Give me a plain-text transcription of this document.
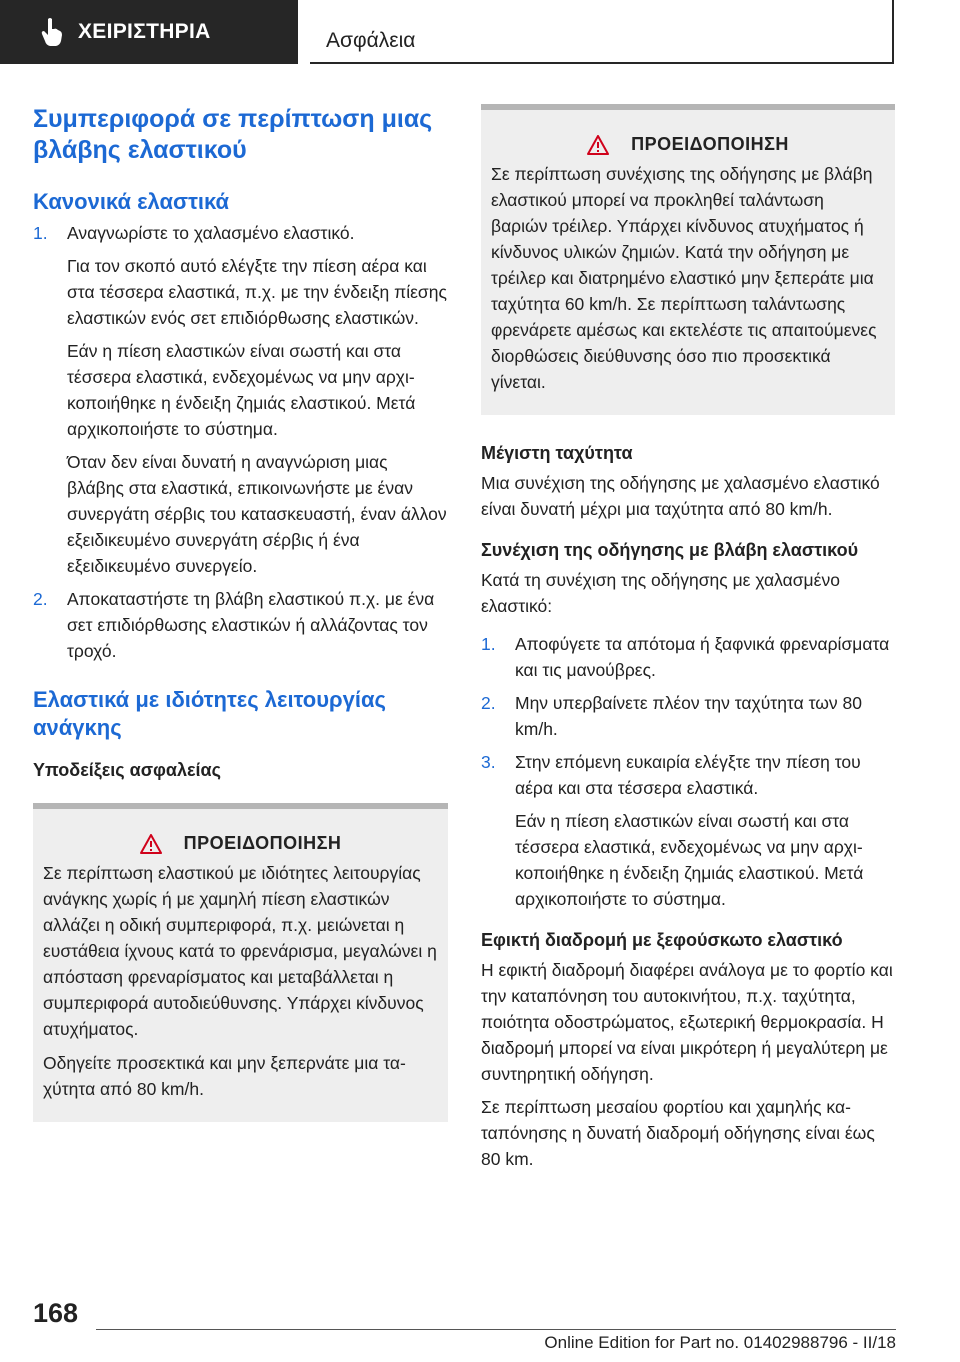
ΧΕΙΡΙΣΤΗΡΙΑ	Ασφάλεια
Συμπεριφορά σε περίπτωση μιας βλάβης ελαστικού
Κανονικά ελαστικά
1. Αναγνωρίστε το χαλασμένο ελαστικό.

Για τον σκοπό αυτό ελέγξτε την πίεση αέρα και στα τέσσερα ελαστικά, π.χ. με την ένδειξη πίεσης ελαστικών ενός σετ επιδιόρθωσης ελαστικών.

Εάν η πίεση ελαστικών είναι σωστή και στα τέσσερα ελαστικά, ενδεχομένως να μην αρχικοποιήθηκε η ένδειξη ζημιάς ελαστικού. Μετά αρχικοποιήστε το σύστημα.

Όταν δεν είναι δυνατή η αναγνώριση μιας βλάβης στα ελαστικά, επικοινωνήστε με έναν συνεργάτη σέρβις του κατασκευαστή, έναν άλλον εξειδικευμένο συνεργάτη σέρβις ή ένα εξειδικευμένο συνεργείο.

2. Αποκαταστήστε τη βλάβη ελαστικού π.χ. με ένα σετ επιδιόρθωσης ελαστικών ή αλλάζοντας τον τροχό.

Ελαστικά με ιδιότητες λειτουργίας ανάγκης
Υποδείξεις ασφαλείας
ΠΡΟΕΙΔΟΠΟΙΗΣΗ

Σε περίπτωση ελαστικού με ιδιότητες λειτουργίας ανάγκης χωρίς ή με χαμηλή πίεση ελαστικών αλλάζει η οδική συμπεριφορά, π.χ. μειώνεται η ευστάθεια ίχνους κατά το φρενάρισμα, μεγαλώνει η απόσταση φρεναρίσματος και μεταβάλλεται η συμπεριφορά αυτοδιεύθυνσης. Υπάρχει κίνδυνος ατυχήματος.

Οδηγείτε προσεκτικά και μην ξεπερνάτε μια ταχύτητα από 80 km/h.

ΠΡΟΕΙΔΟΠΟΙΗΣΗ

Σε περίπτωση συνέχισης της οδήγησης με βλάβη ελαστικού μπορεί να προκληθεί ταλάντωση βαριών τρέιλερ. Υπάρχει κίνδυνος ατυχήματος ή κίνδυνος υλικών ζημιών. Κατά την οδήγηση με τρέιλερ και διατρημένο ελαστικό μην ξεπεράτε μια ταχύτητα 60 km/h. Σε περίπτωση ταλάντωσης φρενάρετε αμέσως και εκτελέστε τις απαιτούμενες διορθώσεις διεύθυνσης όσο πιο προσεκτικά γίνεται.

Μέγιστη ταχύτητα

Μια συνέχιση της οδήγησης με χαλασμένο ελαστικό είναι δυνατή μέχρι μια ταχύτητα από 80 km/h.

Συνέχιση της οδήγησης με βλάβη ελαστικού

Κατά τη συνέχιση της οδήγησης με χαλασμένο ελαστικό:

1. Αποφύγετε τα απότομα ή ξαφνικά φρεναρίσματα και τις μανούβρες.

2. Μην υπερβαίνετε πλέον την ταχύτητα των 80 km/h.

3. Στην επόμενη ευκαιρία ελέγξτε την πίεση του αέρα και στα τέσσερα ελαστικά.

Εάν η πίεση ελαστικών είναι σωστή και στα τέσσερα ελαστικά, ενδεχομένως να μην αρχικοποιήθηκε η ένδειξη ζημιάς ελαστικού. Μετά αρχικοποιήστε το σύστημα.

Εφικτή διαδρομή με ξεφούσκωτο ελαστικό

Η εφικτή διαδρομή διαφέρει ανάλογα με το φορτίο και την καταπόνηση του αυτοκινήτου, π.χ. ταχύτητα, ποιότητα οδοστρώματος, εξωτερική θερμοκρασία. Η διαδρομή μπορεί να είναι μικρότερη ή μεγαλύτερη με συντηρητική οδήγηση.

Σε περίπτωση μεσαίου φορτίου και χαμηλής καταπόνησης η δυνατή διαδρομή οδήγησης είναι έως 80 km.

168
Online Edition for Part no. 01402988796 - II/18
